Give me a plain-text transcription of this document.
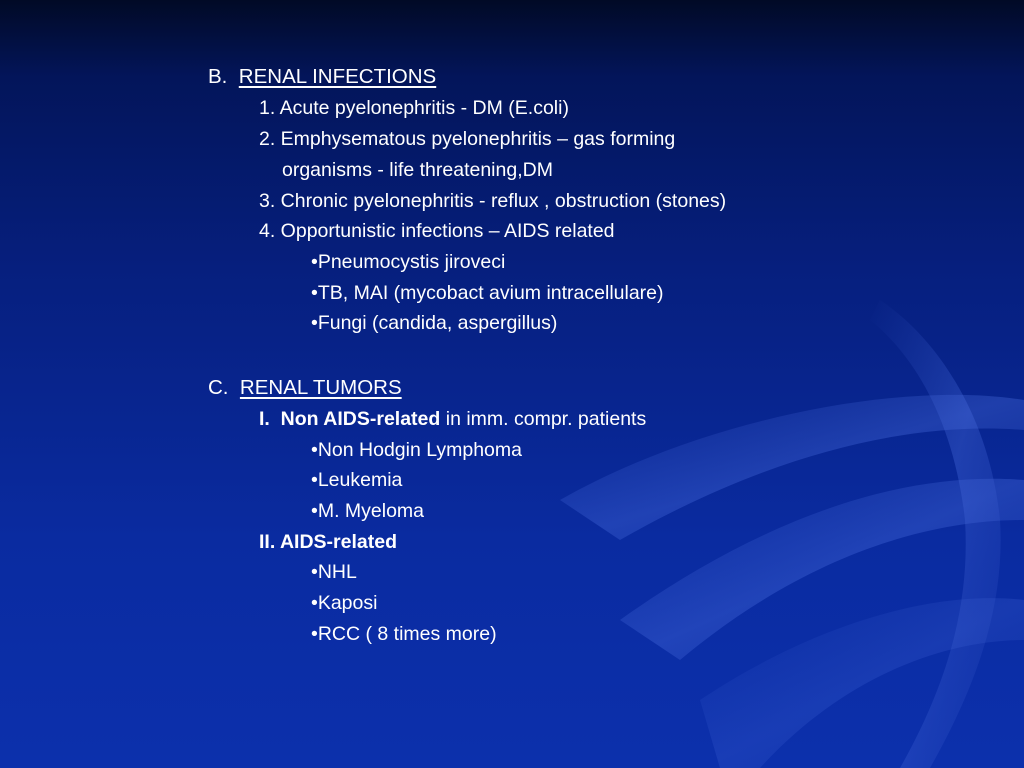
B. RENAL INFECTIONS
1. Acute pyelonephritis - DM (E.coli)
2. Emphysematous pyelonephritis – gas forming
organisms - life threatening,DM
3. Chronic pyelonephritis - reflux , obstruction (stones)
4. Opportunistic infections – AIDS related
•Pneumocystis jiroveci
•TB, MAI (mycobact avium intracellulare)
•Fungi (candida, aspergillus)
C. RENAL TUMORS
I.  Non AIDS-related in imm. compr. patients
•Non Hodgin Lymphoma
•Leukemia
•M. Myeloma
II. AIDS-related
•NHL
•Kaposi
•RCC ( 8 times more)
